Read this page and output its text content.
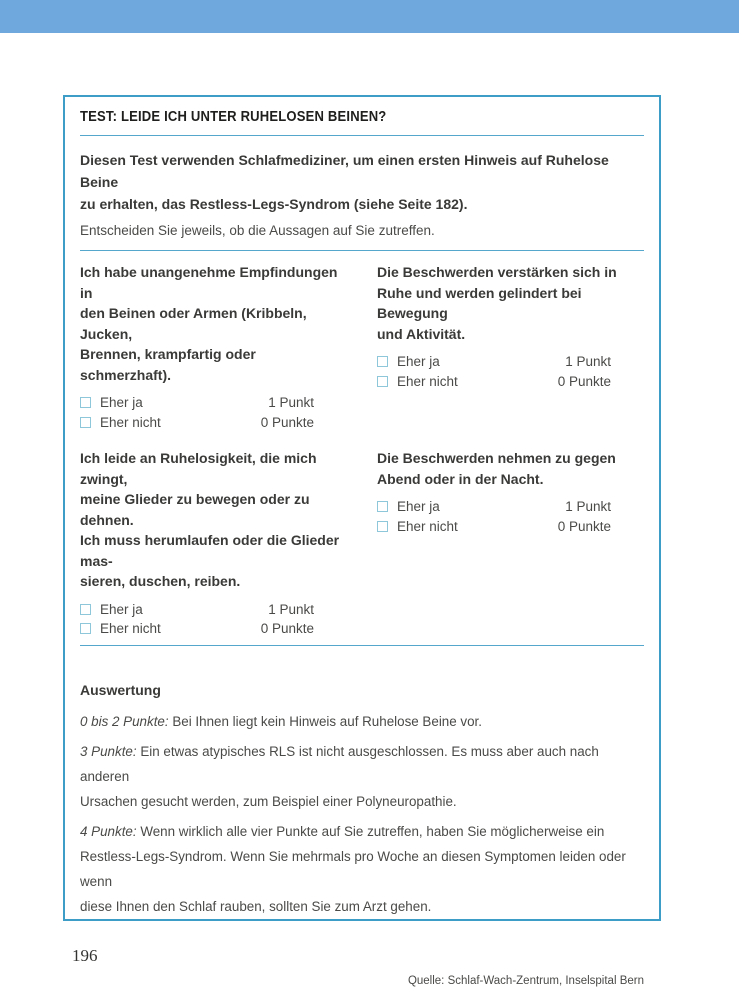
TEST: LEIDE ICH UNTER RUHELOSEN BEINEN?

Diesen Test verwenden Schlafmediziner, um einen ersten Hinweis auf Ruhelose Beine
zu erhalten, das Restless-Legs-Syndrom (siehe Seite 182).

Entscheiden Sie jeweils, ob die Aussagen auf Sie zutreffen.

Ich habe unangenehme Empfindungen in
den Beinen oder Armen (Kribbeln, Jucken,
Brennen, krampfartig oder schmerzhaft).

Eher ja	1 Punkt
Eher nicht	0 Punkte

Die Beschwerden verstärken sich in
Ruhe und werden gelindert bei Bewegung
und Aktivität.

Eher ja	1 Punkt
Eher nicht	0 Punkte

Ich leide an Ruhelosigkeit, die mich zwingt,
meine Glieder zu bewegen oder zu dehnen.
Ich muss herumlaufen oder die Glieder mas-
sieren, duschen, reiben.

Eher ja	1 Punkt
Eher nicht	0 Punkte

Die Beschwerden nehmen zu gegen
Abend oder in der Nacht.

Eher ja	1 Punkt
Eher nicht	0 Punkte
Auswertung

0 bis 2 Punkte: Bei Ihnen liegt kein Hinweis auf Ruhelose Beine vor.

3 Punkte: Ein etwas atypisches RLS ist nicht ausgeschlossen. Es muss aber auch nach anderen
Ursachen gesucht werden, zum Beispiel einer Polyneuropathie.

4 Punkte: Wenn wirklich alle vier Punkte auf Sie zutreffen, haben Sie möglicherweise ein
Restless-Legs-Syndrom. Wenn Sie mehrmals pro Woche an diesen Symptomen leiden oder wenn
diese Ihnen den Schlaf rauben, sollten Sie zum Arzt gehen.

Quelle: Schlaf-Wach-Zentrum, Inselspital Bern

196
